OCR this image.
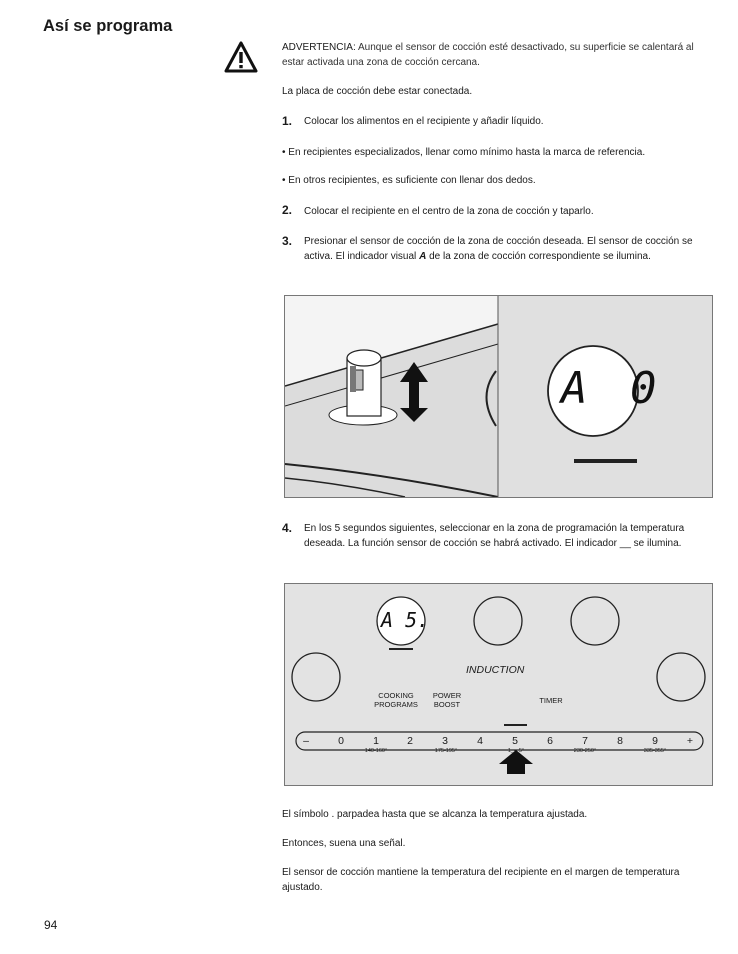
Así se programa
ADVERTENCIA: Aunque el sensor de cocción esté desactivado, su superficie se calentará al estar activada una zona de cocción cercana.
La placa de cocción debe estar conectada.
1. Colocar los alimentos en el recipiente y añadir líquido.
• En recipientes especializados, llenar como mínimo hasta la marca de referencia.
• En otros recipientes, es suficiente con llenar dos dedos.
2. Colocar el recipiente en el centro de la zona de cocción y taparlo.
3. Presionar el sensor de cocción de la zona de cocción deseada. El sensor de cocción se activa. El indicador visual A de la zona de cocción correspondiente se ilumina.
A 0
4. En los 5 segundos siguientes, seleccionar en la zona de programación la temperatura deseada. La función sensor de cocción se habrá activado. El indicador __ se ilumina.
A 5.
INDUCTION
COOKING
PROGRAMS
POWER
BOOST	TIMER
–	0	1	2	3	4	5	6	7	8	9	+
140-160°	175-195°	1_-_5°	230-250°	335-355°
El símbolo . parpadea hasta que se alcanza la temperatura ajustada.
Entonces, suena una señal.
El sensor de cocción mantiene la temperatura del recipiente en el margen de temperatura ajustado.
94
